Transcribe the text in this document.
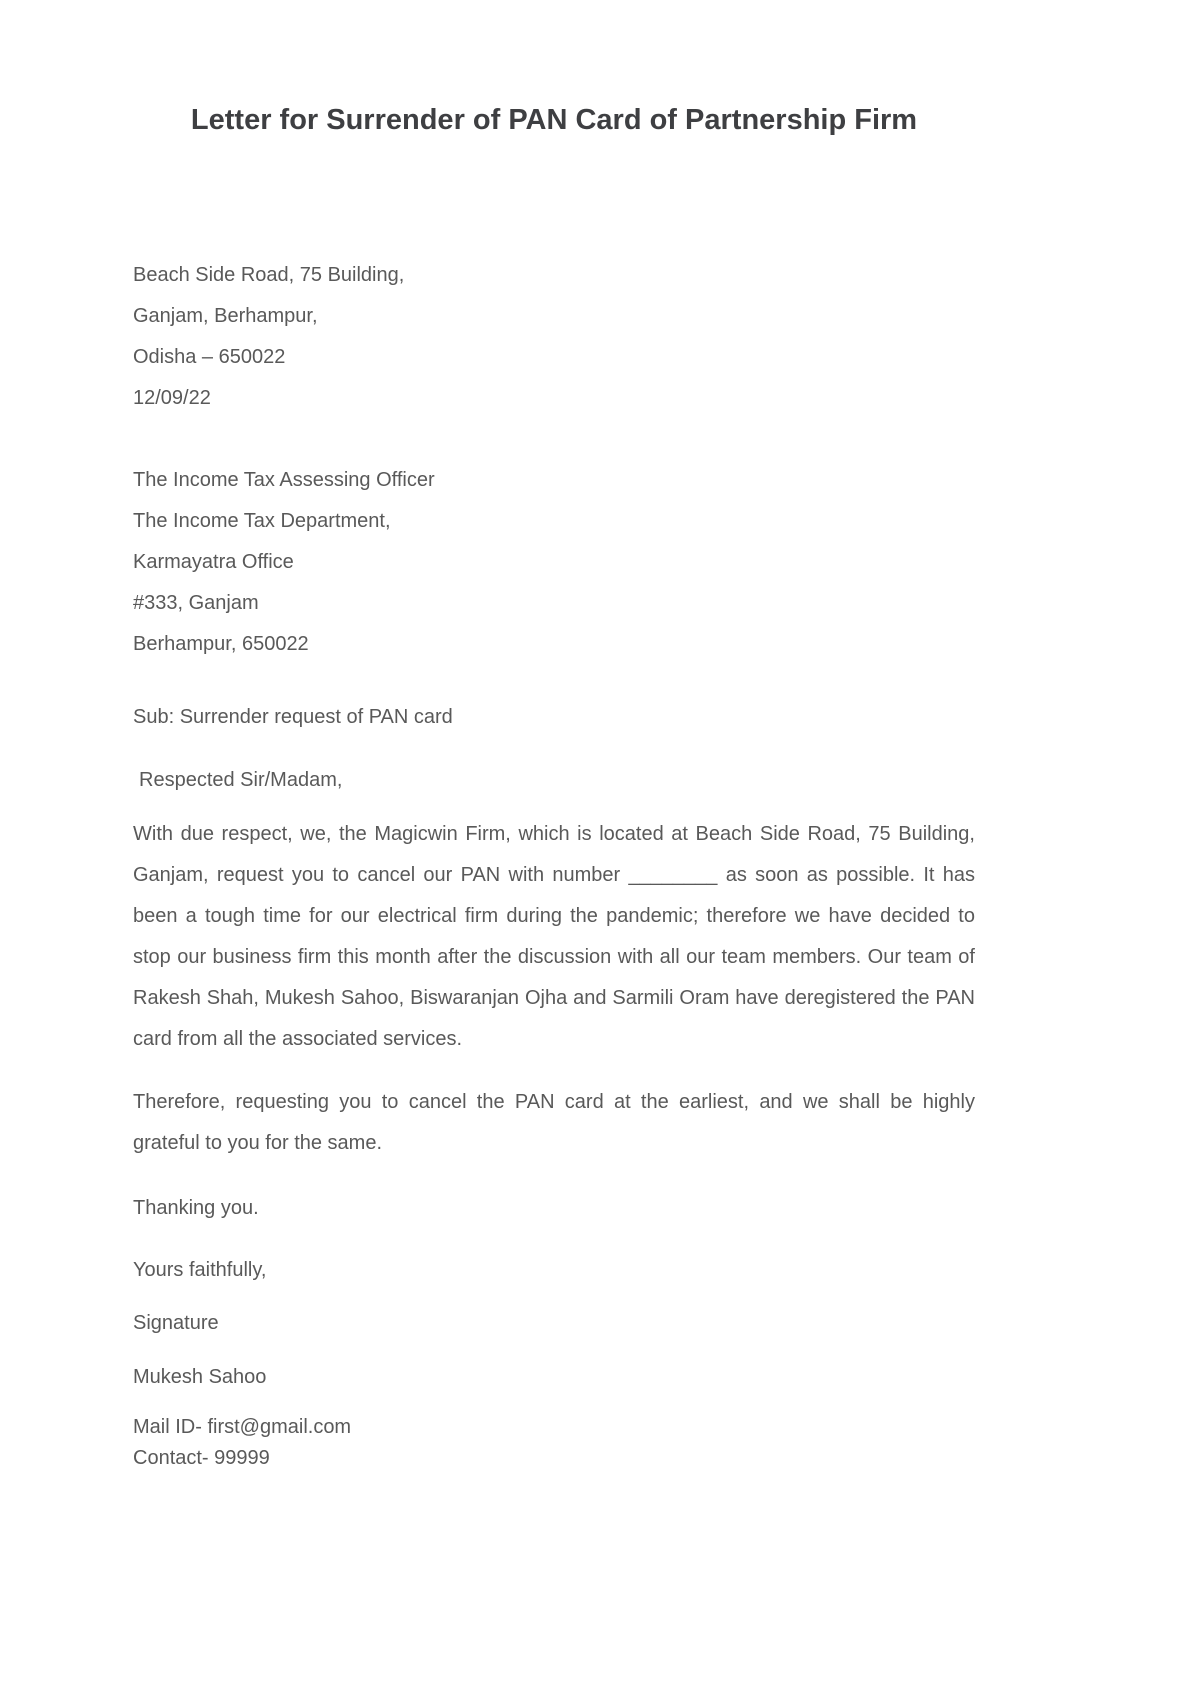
Letter for Surrender of PAN Card of Partnership Firm
Beach Side Road, 75 Building,
Ganjam, Berhampur,
Odisha – 650022
12/09/22
The Income Tax Assessing Officer
The Income Tax Department,
Karmayatra Office
#333, Ganjam
Berhampur, 650022

Sub: Surrender request of PAN card

Respected Sir/Madam,

With due respect, we, the Magicwin Firm, which is located at Beach Side Road, 75 Building, Ganjam, request you to cancel our PAN with number ________ as soon as possible. It has been a tough time for our electrical firm during the pandemic; therefore we have decided to stop our business firm this month after the discussion with all our team members. Our team of Rakesh Shah, Mukesh Sahoo, Biswaranjan Ojha and Sarmili Oram have deregistered the PAN card from all the associated services.

Therefore, requesting you to cancel the PAN card at the earliest, and we shall be highly grateful to you for the same.

Thanking you.

Yours faithfully,

Signature

Mukesh Sahoo

Mail ID- first@gmail.com
Contact- 99999
